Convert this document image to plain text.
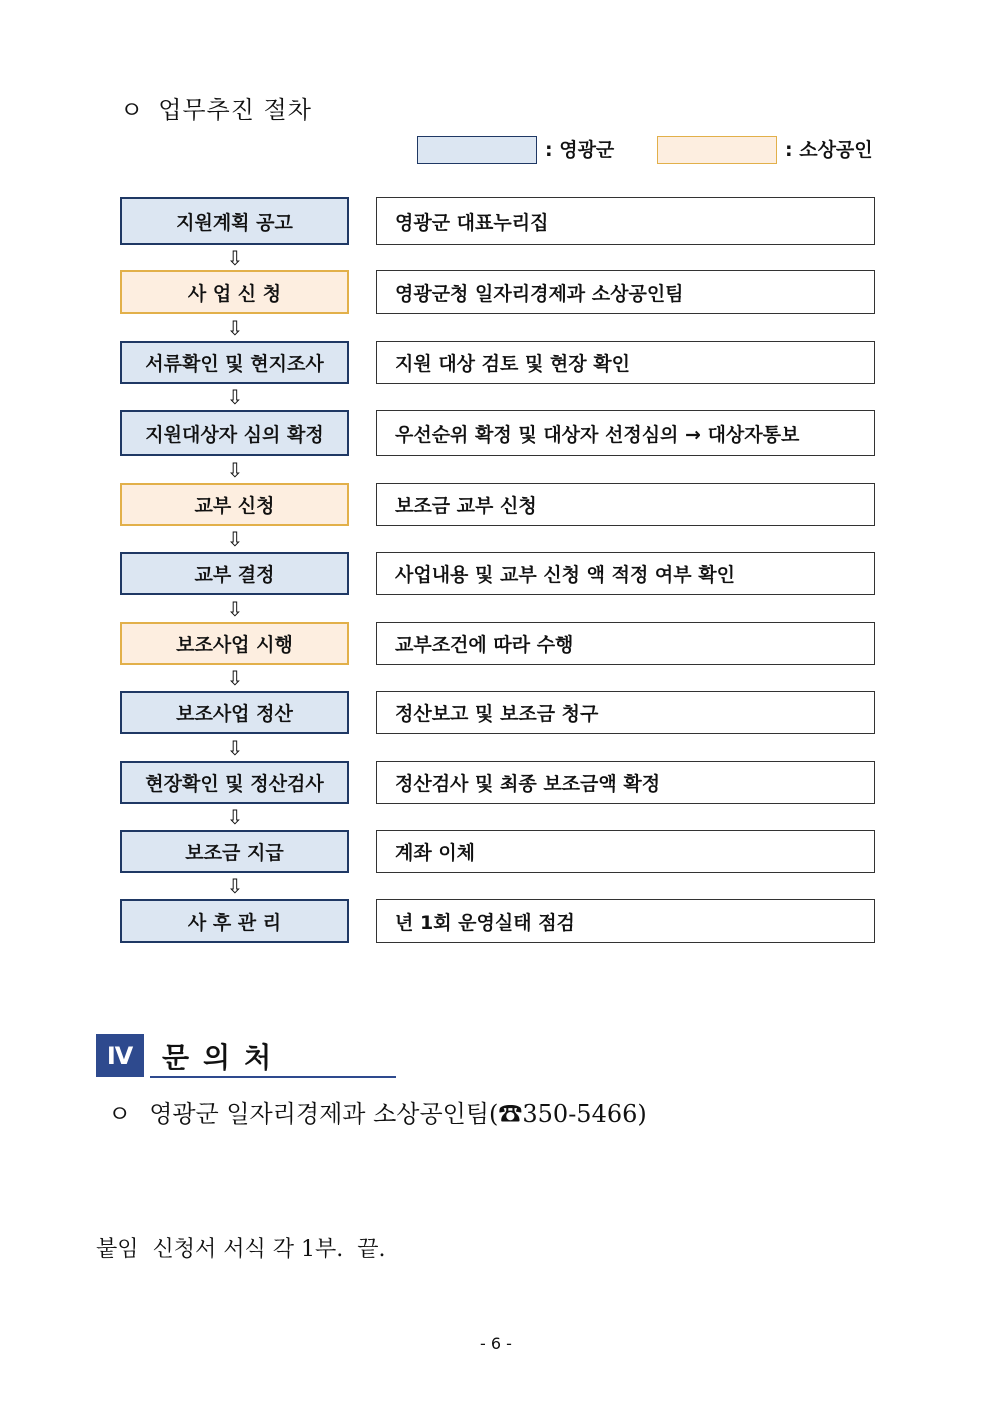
ㅇ 업무추진 절차
: 영광군	: 소상공인
지원계획 공고	영광군 대표누리집
⇩
사 업 신 청	영광군청 일자리경제과 소상공인팀
⇩
서류확인 및 현지조사	지원 대상 검토 및 현장 확인
⇩
지원대상자 심의 확정	우선순위 확정 및 대상자 선정심의 → 대상자통보
⇩
교부 신청	보조금 교부 신청
⇩
교부 결정	사업내용 및 교부 신청 액 적정 여부 확인
⇩
보조사업 시행	교부조건에 따라 수행
⇩
보조사업 정산	정산보고 및 보조금 청구
⇩
현장확인 및 정산검사	정산검사 및 최종 보조금액 확정
⇩
보조금 지급	계좌 이체
⇩
사 후 관 리	년 1회 운영실태 점검
Ⅳ	문의처
ㅇ 영광군 일자리경제과 소상공인팀(☎350-5466)
붙임  신청서 서식 각 1부.  끝.
- 6 -
